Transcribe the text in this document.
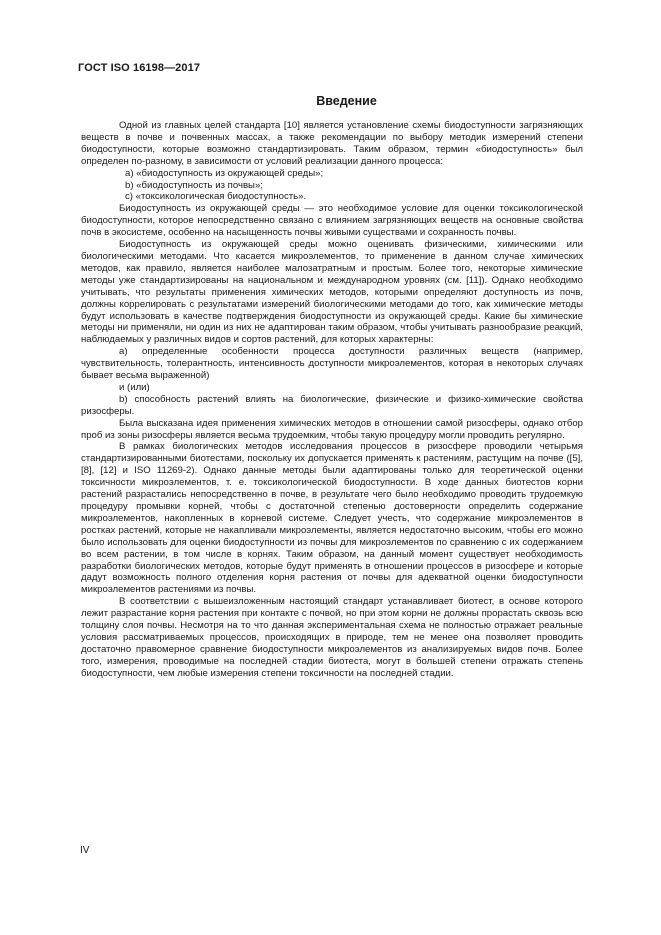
ГОСТ ISO 16198—2017
Введение

Одной из главных целей стандарта [10] является установление схемы биодоступности загрязняющих веществ в почве и почвенных массах, а также рекомендации по выбору методик измерений степени биодоступности, которые возможно стандартизировать. Таким образом, термин «биодоступность» был определен по-разному, в зависимости от условий реализации данного процесса:

а) «биодоступность из окружающей среды»;

b) «биодоступность из почвы»;

c) «токсикологическая биодоступность».

Биодоступность из окружающей среды — это необходимое условие для оценки токсикологической биодоступности, которое непосредственно связано с влиянием загрязняющих веществ на основные свойства почв в экосистеме, особенно на насыщенность почвы живыми существами и сохранность почвы.

Биодоступность из окружающей среды можно оценивать физическими, химическими или биологическими методами. Что касается микроэлементов, то применение в данном случае химических методов, как правило, является наиболее малозатратным и простым. Более того, некоторые химические методы уже стандартизированы на национальном и международном уровнях (см. [11]). Однако необходимо учитывать, что результаты применения химических методов, которыми определяют доступность из почв, должны коррелировать с результатами измерений биологическими методами до того, как химические методы будут использовать в качестве подтверждения биодоступности из окружающей среды. Какие бы химические методы ни применяли, ни один из них не адаптирован таким образом, чтобы учитывать разнообразие реакций, наблюдаемых у различных видов и сортов растений, для которых характерны:

а) определенные особенности процесса доступности различных веществ (например, чувствительность, толерантность, интенсивность доступности микроэлементов, которая в некоторых случаях бывает весьма выраженной)

и (или)

b) способность растений влиять на биологические, физические и физико-химические свойства ризосферы.

Была высказана идея применения химических методов в отношении самой ризосферы, однако отбор проб из зоны ризосферы является весьма трудоемким, чтобы такую процедуру могли проводить регулярно.

В рамках биологических методов исследования процессов в ризосфере проводили четырьмя стандартизированными биотестами, поскольку их допускается применять к растениям, растущим на почве ([5], [8], [12] и ISO 11269-2). Однако данные методы были адаптированы только для теоретической оценки токсичности микроэлементов, т. е. токсикологической биодоступности. В ходе данных биотестов корни растений разрастались непосредственно в почве, в результате чего было необходимо проводить трудоемкую процедуру промывки корней, чтобы с достаточной степенью достоверности определить содержание микроэлементов, накопленных в корневой системе. Следует учесть, что содержание микроэлементов в ростках растений, которые не накапливали микроэлементы, является недостаточно высоким, чтобы его можно было использовать для оценки биодоступности из почвы для микроэлементов по сравнению с их содержанием во всем растении, в том числе в корнях. Таким образом, на данный момент существует необходимость разработки биологических методов, которые будут применять в отношении процессов в ризосфере и которые дадут возможность полного отделения корня растения от почвы для адекватной оценки биодоступности микроэлементов растениями из почвы.

В соответствии с вышеизложенным настоящий стандарт устанавливает биотест, в основе которого лежит разрастание корня растения при контакте с почвой, но при этом корни не должны прорастать сквозь всю толщину слоя почвы. Несмотря на то что данная экспериментальная схема не полностью отражает реальные условия рассматриваемых процессов, происходящих в природе, тем не менее она позволяет проводить достаточно правомерное сравнение биодоступности микроэлементов из анализируемых видов почв. Более того, измерения, проводимые на последней стадии биотеста, могут в большей степени отражать степень биодоступности, чем любые измерения степени токсичности на последней стадии.

IV
